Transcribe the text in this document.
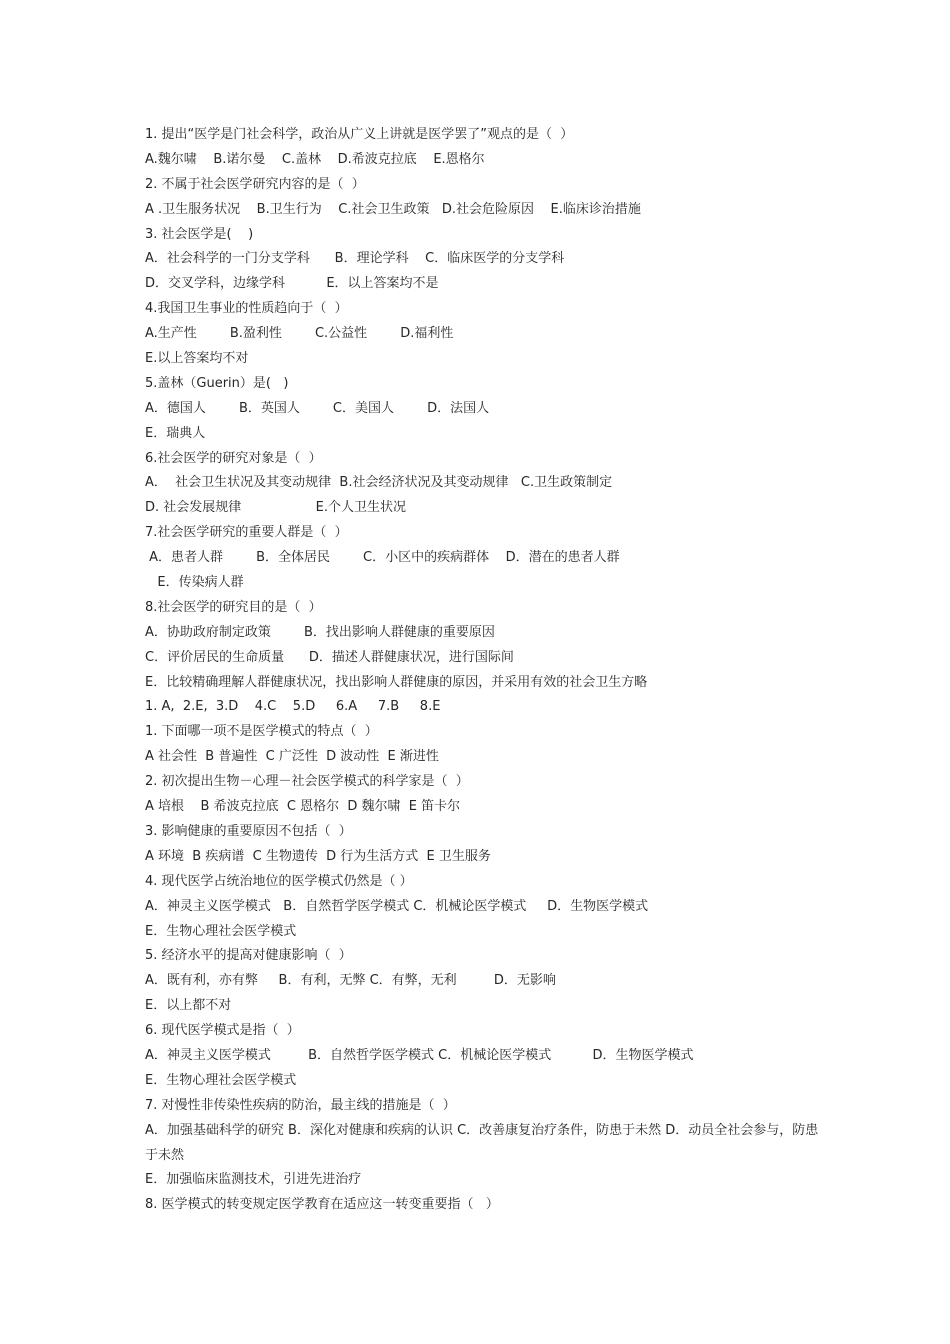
1. 提出“医学是门社会科学，政治从广义上讲就是医学罢了”观点的是（  ）

A.魏尔啸    B.诺尔曼    C.盖林    D.希波克拉底    E.恩格尔

2. 不属于社会医学研究内容的是（  ）

A .卫生服务状况    B.卫生行为    C.社会卫生政策   D.社会危险原因    E.临床诊治措施

3. 社会医学是(    )

A．社会科学的一门分支学科      B．理论学科    C．临床医学的分支学科

D．交叉学科，边缘学科          E．以上答案均不是

4.我国卫生事业的性质趋向于（  ）

A.生产性        B.盈利性        C.公益性        D.福利性

E.以上答案均不对

5.盖林（Guerin）是(   )

A．德国人        B．英国人        C．美国人        D．法国人

E．瑞典人

6.社会医学的研究对象是（  ）

A．  社会卫生状况及其变动规律  B.社会经济状况及其变动规律   C.卫生政策制定

D. 社会发展规律                  E.个人卫生状况

7.社会医学研究的重要人群是（  ）

A．患者人群        B．全体居民        C．小区中的疾病群体    D．潜在的患者人群

E．传染病人群

8.社会医学的研究目的是（  ）

A．协助政府制定政策        B．找出影响人群健康的重要原因

C．评价居民的生命质量      D．描述人群健康状况，进行国际间

E．比较精确理解人群健康状况，找出影响人群健康的原因，并采用有效的社会卫生方略

1. A,  2.E,  3.D    4.C    5.D     6.A     7.B     8.E

1. 下面哪一项不是医学模式的特点（  ）

A 社会性  B 普遍性  C 广泛性  D 波动性  E 渐进性

2. 初次提出生物－心理－社会医学模式的科学家是（  ）

A 培根    B 希波克拉底  C 恩格尔  D 魏尔啸  E 笛卡尔

3. 影响健康的重要原因不包括（  ）

A 环境  B 疾病谱  C 生物遗传  D 行为生活方式  E 卫生服务

4. 现代医学占统治地位的医学模式仍然是（ ）

A．神灵主义医学模式   B．自然哲学医学模式 C．机械论医学模式     D．生物医学模式

E．生物心理社会医学模式

5. 经济水平的提高对健康影响（  ）

A．既有利，亦有弊     B．有利，无弊 C．有弊，无利         D．无影响

E．以上都不对

6. 现代医学模式是指（  ）

A．神灵主义医学模式         B．自然哲学医学模式 C．机械论医学模式          D．生物医学模式

E．生物心理社会医学模式

7. 对慢性非传染性疾病的防治，最主线的措施是（  ）

A．加强基础科学的研究 B．深化对健康和疾病的认识 C．改善康复治疗条件，防患于未然 D．动员全社会参与，防患于未然

E．加强临床监测技术，引进先进治疗

8. 医学模式的转变规定医学教育在适应这一转变重要指（   ）
